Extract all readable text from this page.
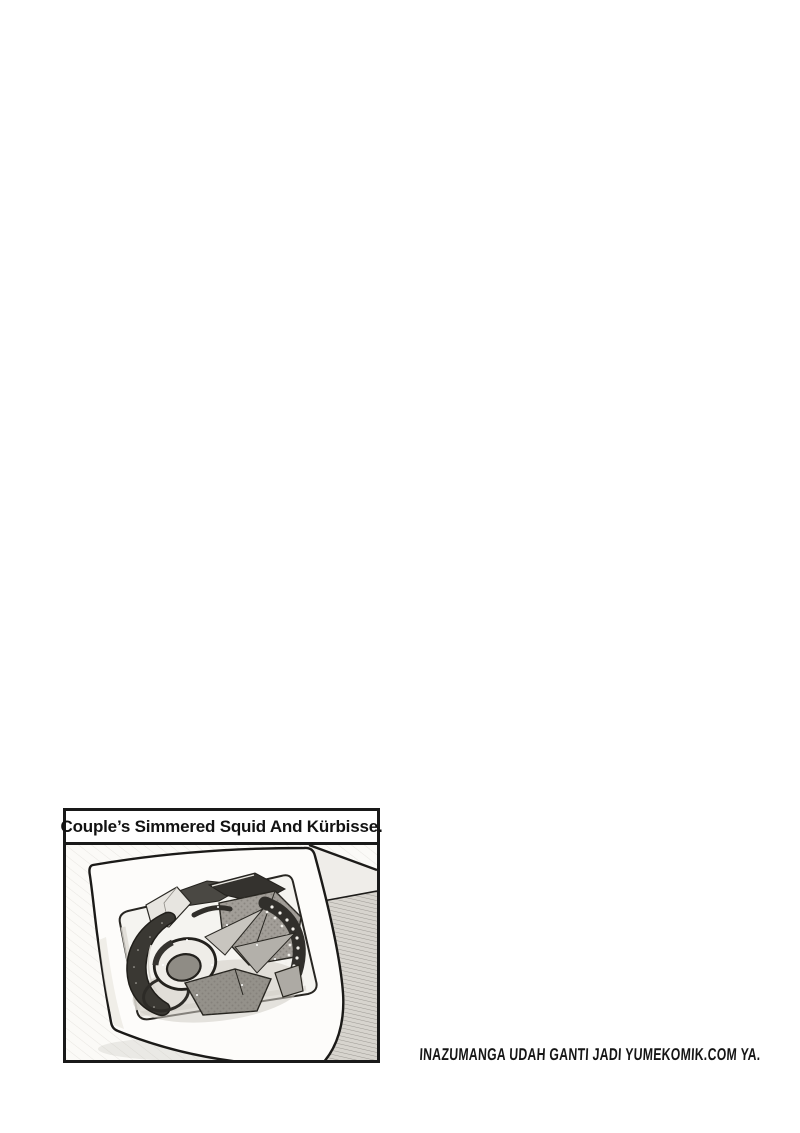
Couple’s Simmered Squid And Kürbisse.
INAZUMANGA UDAH GANTI JADI YUMEKOMIK.COM YA.
